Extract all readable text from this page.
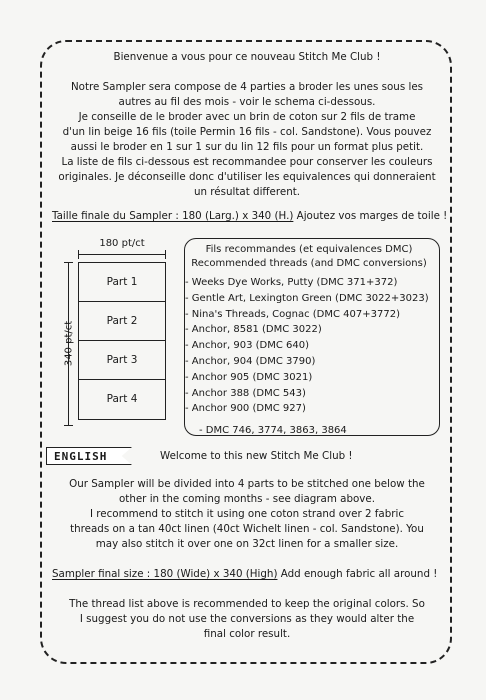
Bienvenue a vous pour ce nouveau Stitch Me Club !

Notre Sampler sera compose de 4 parties a broder les unes sous les
autres au fil des mois - voir le schema ci-dessous.

Je conseille de le broder avec un brin de coton sur 2 fils de trame
d'un lin beige 16 fils (toile Permin 16 fils - col. Sandstone). Vous pouvez
aussi le broder en 1 sur 1 sur du lin 12 fils pour un format plus petit.
La liste de fils ci-dessous est recommandee pour conserver les couleurs
originales. Je déconseille donc d'utiliser les equivalences qui donneraient
un résultat different.

Taille finale du Sampler : 180 (Larg.) x 340 (H.) Ajoutez vos marges de toile !
180 pt/ct
340 pt/ct
Part 1
Part 2
Part 3
Part 4
Fils recommandes (et equivalences DMC)
Recommended threads (and DMC conversions)
- Weeks Dye Works, Putty (DMC 371+372)
- Gentle Art, Lexington Green (DMC 3022+3023)
- Nina's Threads, Cognac (DMC 407+3772)
- Anchor, 8581 (DMC 3022)
- Anchor, 903 (DMC 640)
- Anchor, 904 (DMC 3790)
- Anchor 905 (DMC 3021)
- Anchor 388 (DMC 543)
- Anchor 900 (DMC 927)
- DMC 746, 3774, 3863, 3864
ENGLISH	Welcome to this new Stitch Me Club !

Our Sampler will be divided into 4 parts to be stitched one below the
other in the coming months - see diagram above.
I recommend to stitch it using one coton strand over 2 fabric
threads on a tan 40ct linen (40ct Wichelt linen - col. Sandstone). You
may also stitch it over one on 32ct linen for a smaller size.

Sampler final size : 180 (Wide) x 340 (High) Add enough fabric all around !

The thread list above is recommended to keep the original colors. So
I suggest you do not use the conversions as they would alter the
final color result.
